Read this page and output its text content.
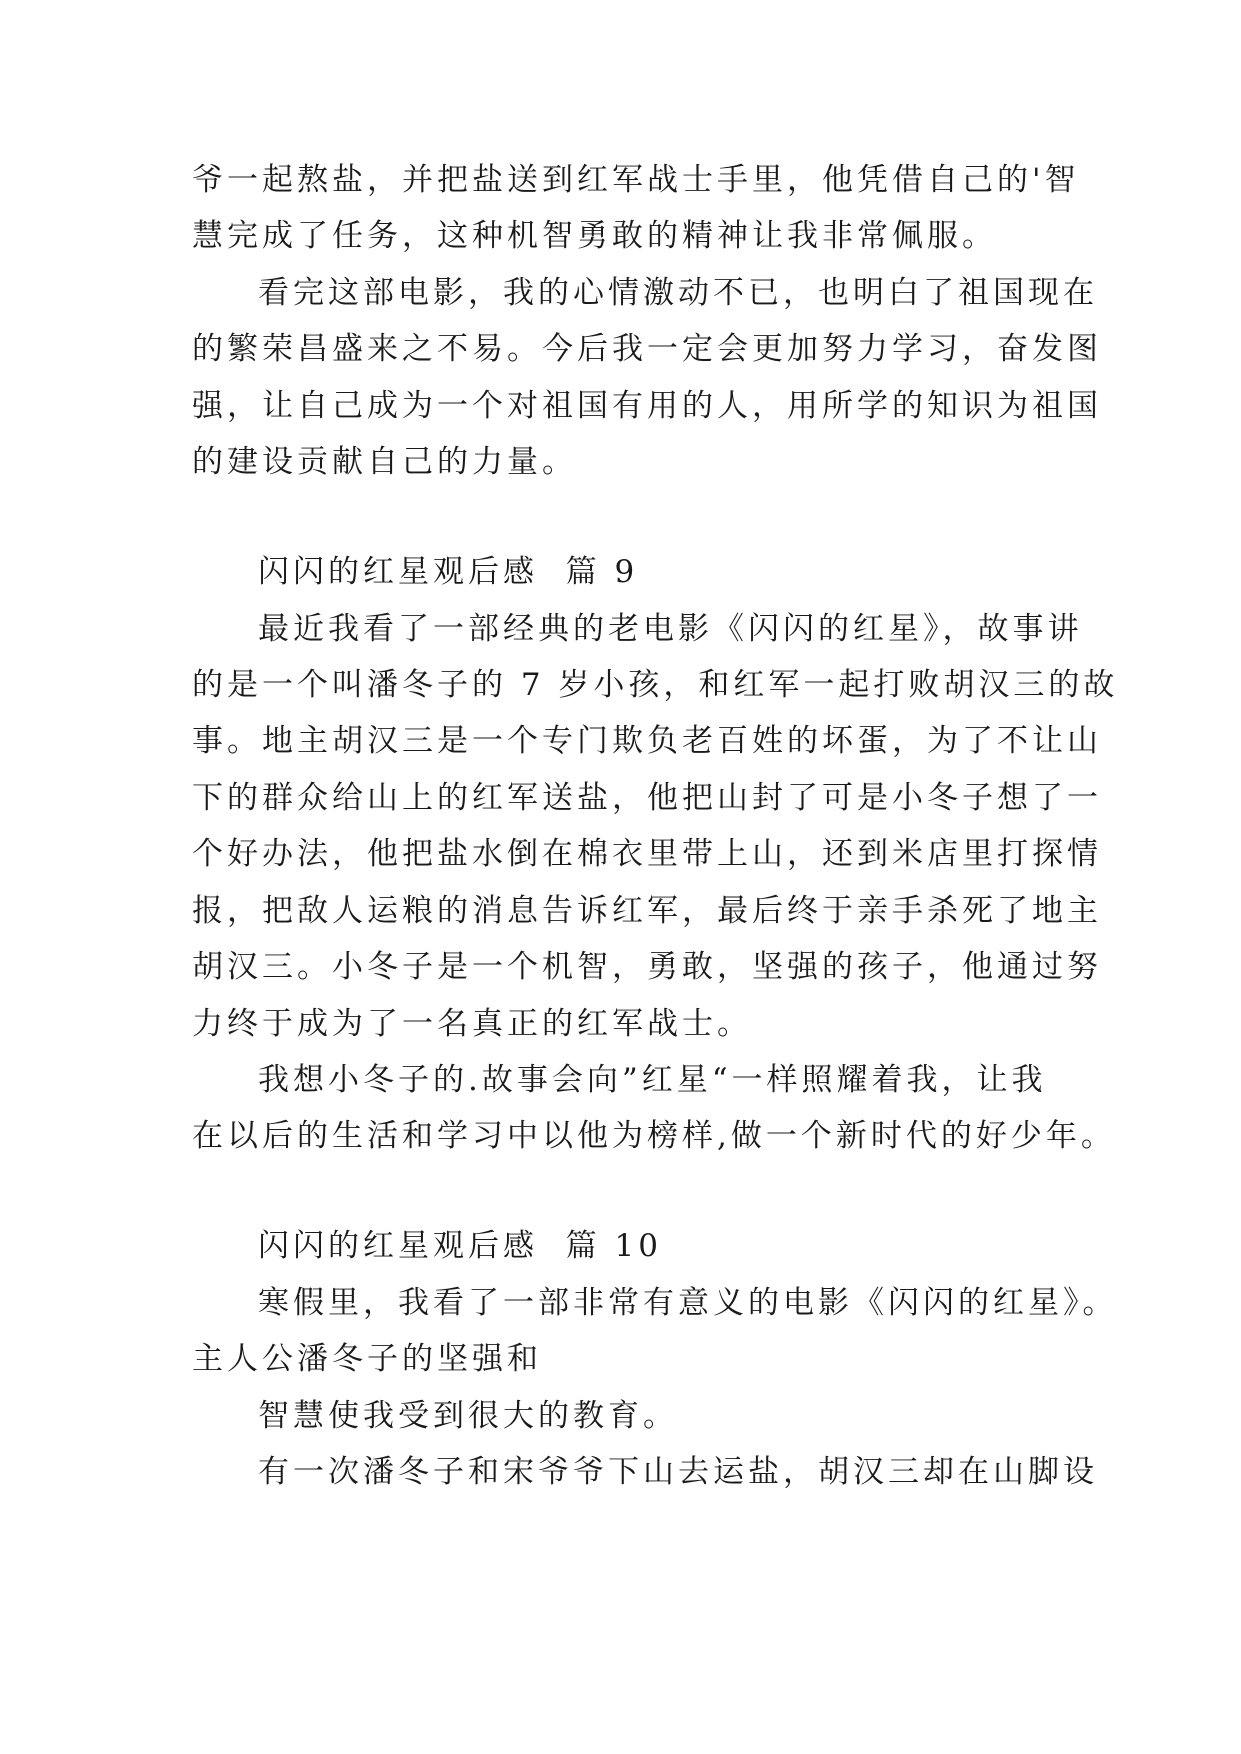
爷一起熬盐，并把盐送到红军战士手里，他凭借自己的'智
慧完成了任务，这种机智勇敢的精神让我非常佩服。
看完这部电影，我的心情激动不已，也明白了祖国现在
的繁荣昌盛来之不易。今后我一定会更加努力学习，奋发图
强，让自己成为一个对祖国有用的人，用所学的知识为祖国
的建设贡献自己的力量。
闪闪的红星观后感  篇 9
最近我看了一部经典的老电影《闪闪的红星》，故事讲
的是一个叫潘冬子的 7 岁小孩，和红军一起打败胡汉三的故
事。地主胡汉三是一个专门欺负老百姓的坏蛋，为了不让山
下的群众给山上的红军送盐，他把山封了可是小冬子想了一
个好办法，他把盐水倒在棉衣里带上山，还到米店里打探情
报，把敌人运粮的消息告诉红军，最后终于亲手杀死了地主
胡汉三。小冬子是一个机智，勇敢，坚强的孩子，他通过努
力终于成为了一名真正的红军战士。
我想小冬子的.故事会向”红星“一样照耀着我，让我
在以后的生活和学习中以他为榜样,做一个新时代的好少年。
闪闪的红星观后感  篇 10
寒假里，我看了一部非常有意义的电影《闪闪的红星》。
主人公潘冬子的坚强和
智慧使我受到很大的教育。
有一次潘冬子和宋爷爷下山去运盐，胡汉三却在山脚设
